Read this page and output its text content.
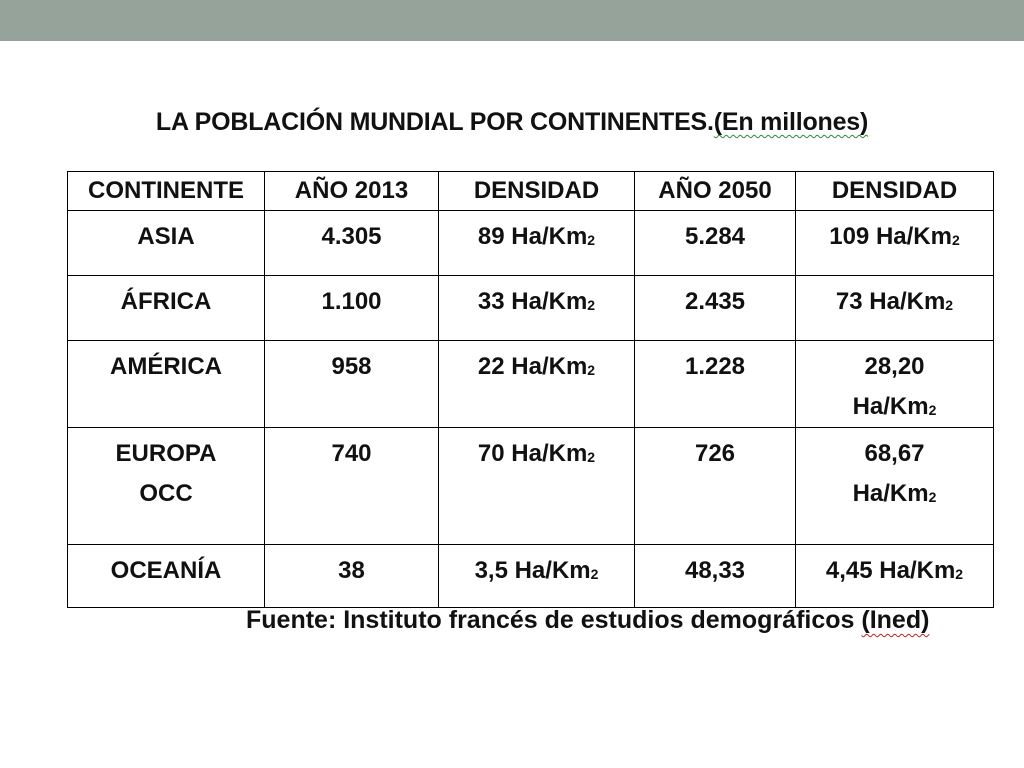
LA POBLACIÓN MUNDIAL POR CONTINENTES.(En millones)
CONTINENTE	AÑO 2013	DENSIDAD	AÑO 2050	DENSIDAD
ASIA	4.305	89 $Ha/Km_2$	5.284	109 $Ha/Km_2$
ÁFRICA	1.100	33 $Ha/Km_2$	2.435	73 $Ha/Km_2$
AMÉRICA	958	22 $Ha/Km_2$	1.228	28,20 $Ha/Km_2$
EUROPA OCC	740	70 $Ha/Km_2$	726	68,67 $Ha/Km_2$
OCEANÍA	38	3,5 $Ha/Km_2$	48,33	4,45 $Ha/Km_2$
Fuente: Instituto francés de estudios demográficos (Ined)
